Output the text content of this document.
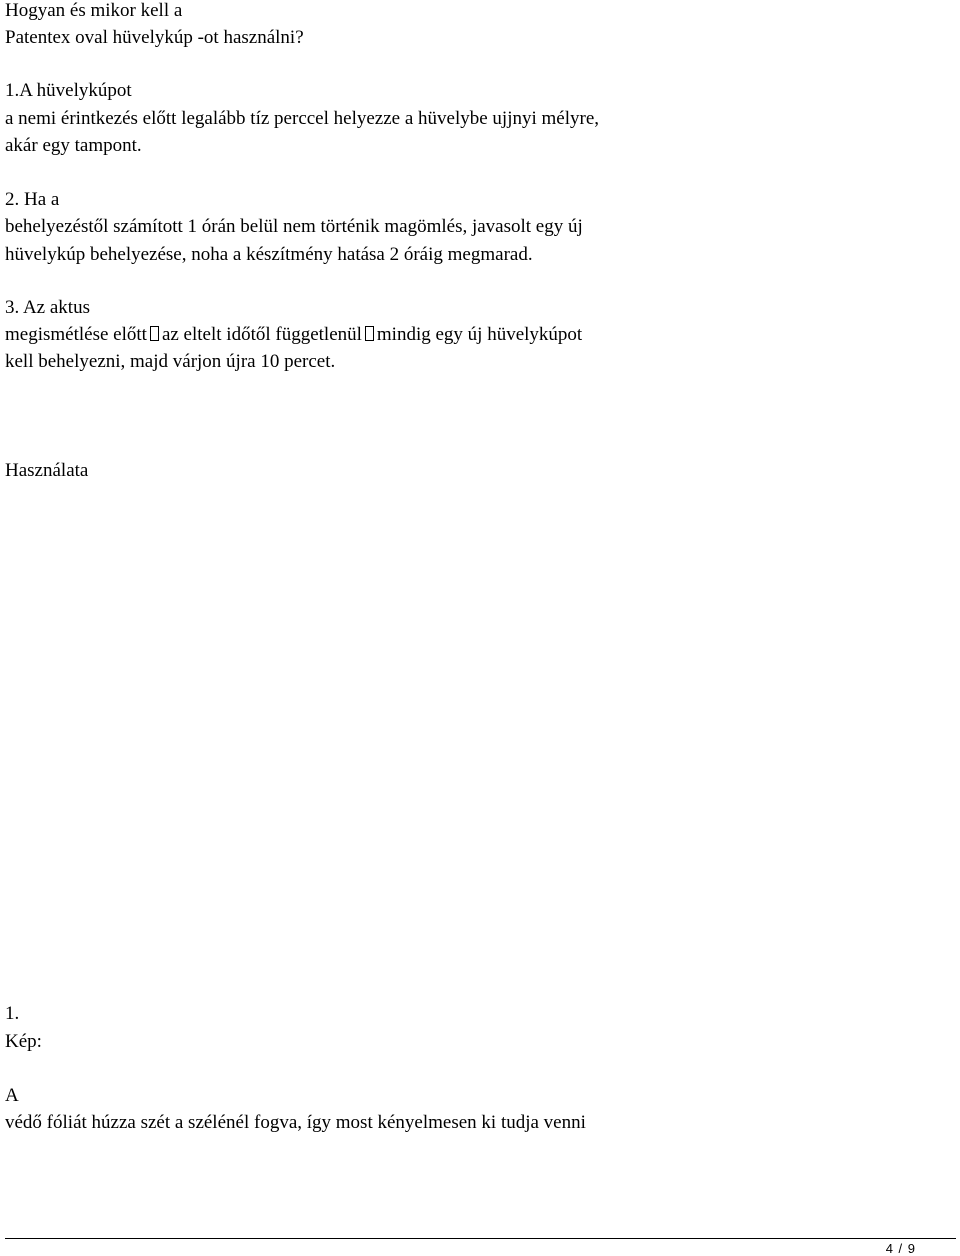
Hogyan és mikor kell a
Patentex oval hüvelykúp -ot használni?
1.A hüvelykúpot
a nemi érintkezés előtt legalább tíz perccel helyezze a hüvelybe ujjnyi mélyre,
akár egy tampont.
2. Ha a
behelyezéstől számított 1 órán belül nem történik magömlés, javasolt egy új
hüvelykúp behelyezése, noha a készítmény hatása 2 óráig megmarad.
3. Az aktus
megismétlése előtt az eltelt időtől függetlenül mindig egy új hüvelykúpot
kell behelyezni, majd várjon újra 10 percet.
Használata
1.
Kép:
A
védő fóliát húzza szét a szélénél fogva, így most kényelmesen ki tudja venni
4 / 9
